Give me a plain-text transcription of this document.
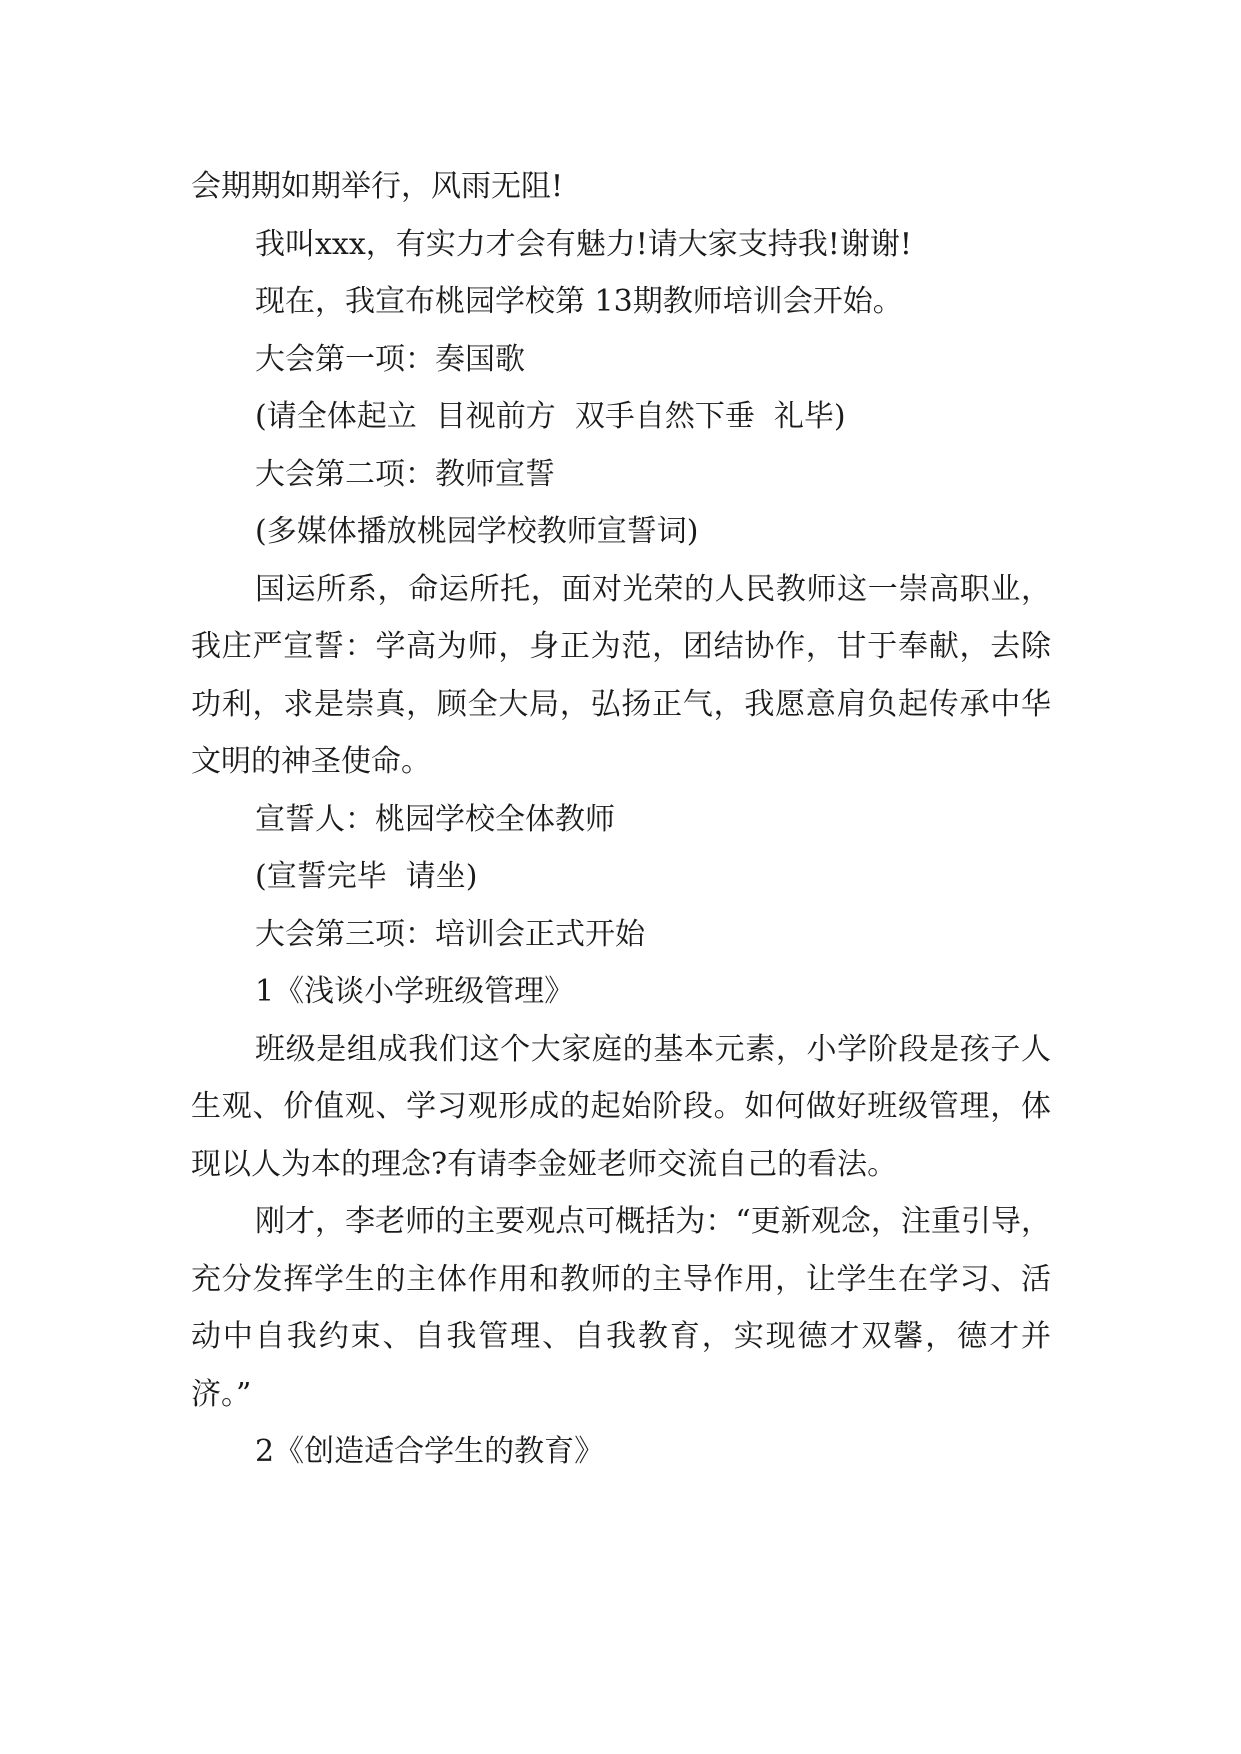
会期期如期举行，风雨无阻!

我叫xxx，有实力才会有魅力!请大家支持我!谢谢!

现在，我宣布桃园学校第 13期教师培训会开始。

大会第一项：奏国歌

(请全体起立  目视前方  双手自然下垂  礼毕)

大会第二项：教师宣誓

(多媒体播放桃园学校教师宣誓词)

国运所系，命运所托，面对光荣的人民教师这一崇高职业，我庄严宣誓：学高为师，身正为范，团结协作，甘于奉献，去除功利，求是崇真，顾全大局，弘扬正气，我愿意肩负起传承中华文明的神圣使命。

宣誓人：桃园学校全体教师

(宣誓完毕  请坐)

大会第三项：培训会正式开始

1《浅谈小学班级管理》

班级是组成我们这个大家庭的基本元素，小学阶段是孩子人生观、价值观、学习观形成的起始阶段。如何做好班级管理，体现以人为本的理念?有请李金娅老师交流自己的看法。

刚才，李老师的主要观点可概括为：“更新观念，注重引导，充分发挥学生的主体作用和教师的主导作用，让学生在学习、活动中自我约束、自我管理、自我教育，实现德才双馨，德才并济。”

2《创造适合学生的教育》
